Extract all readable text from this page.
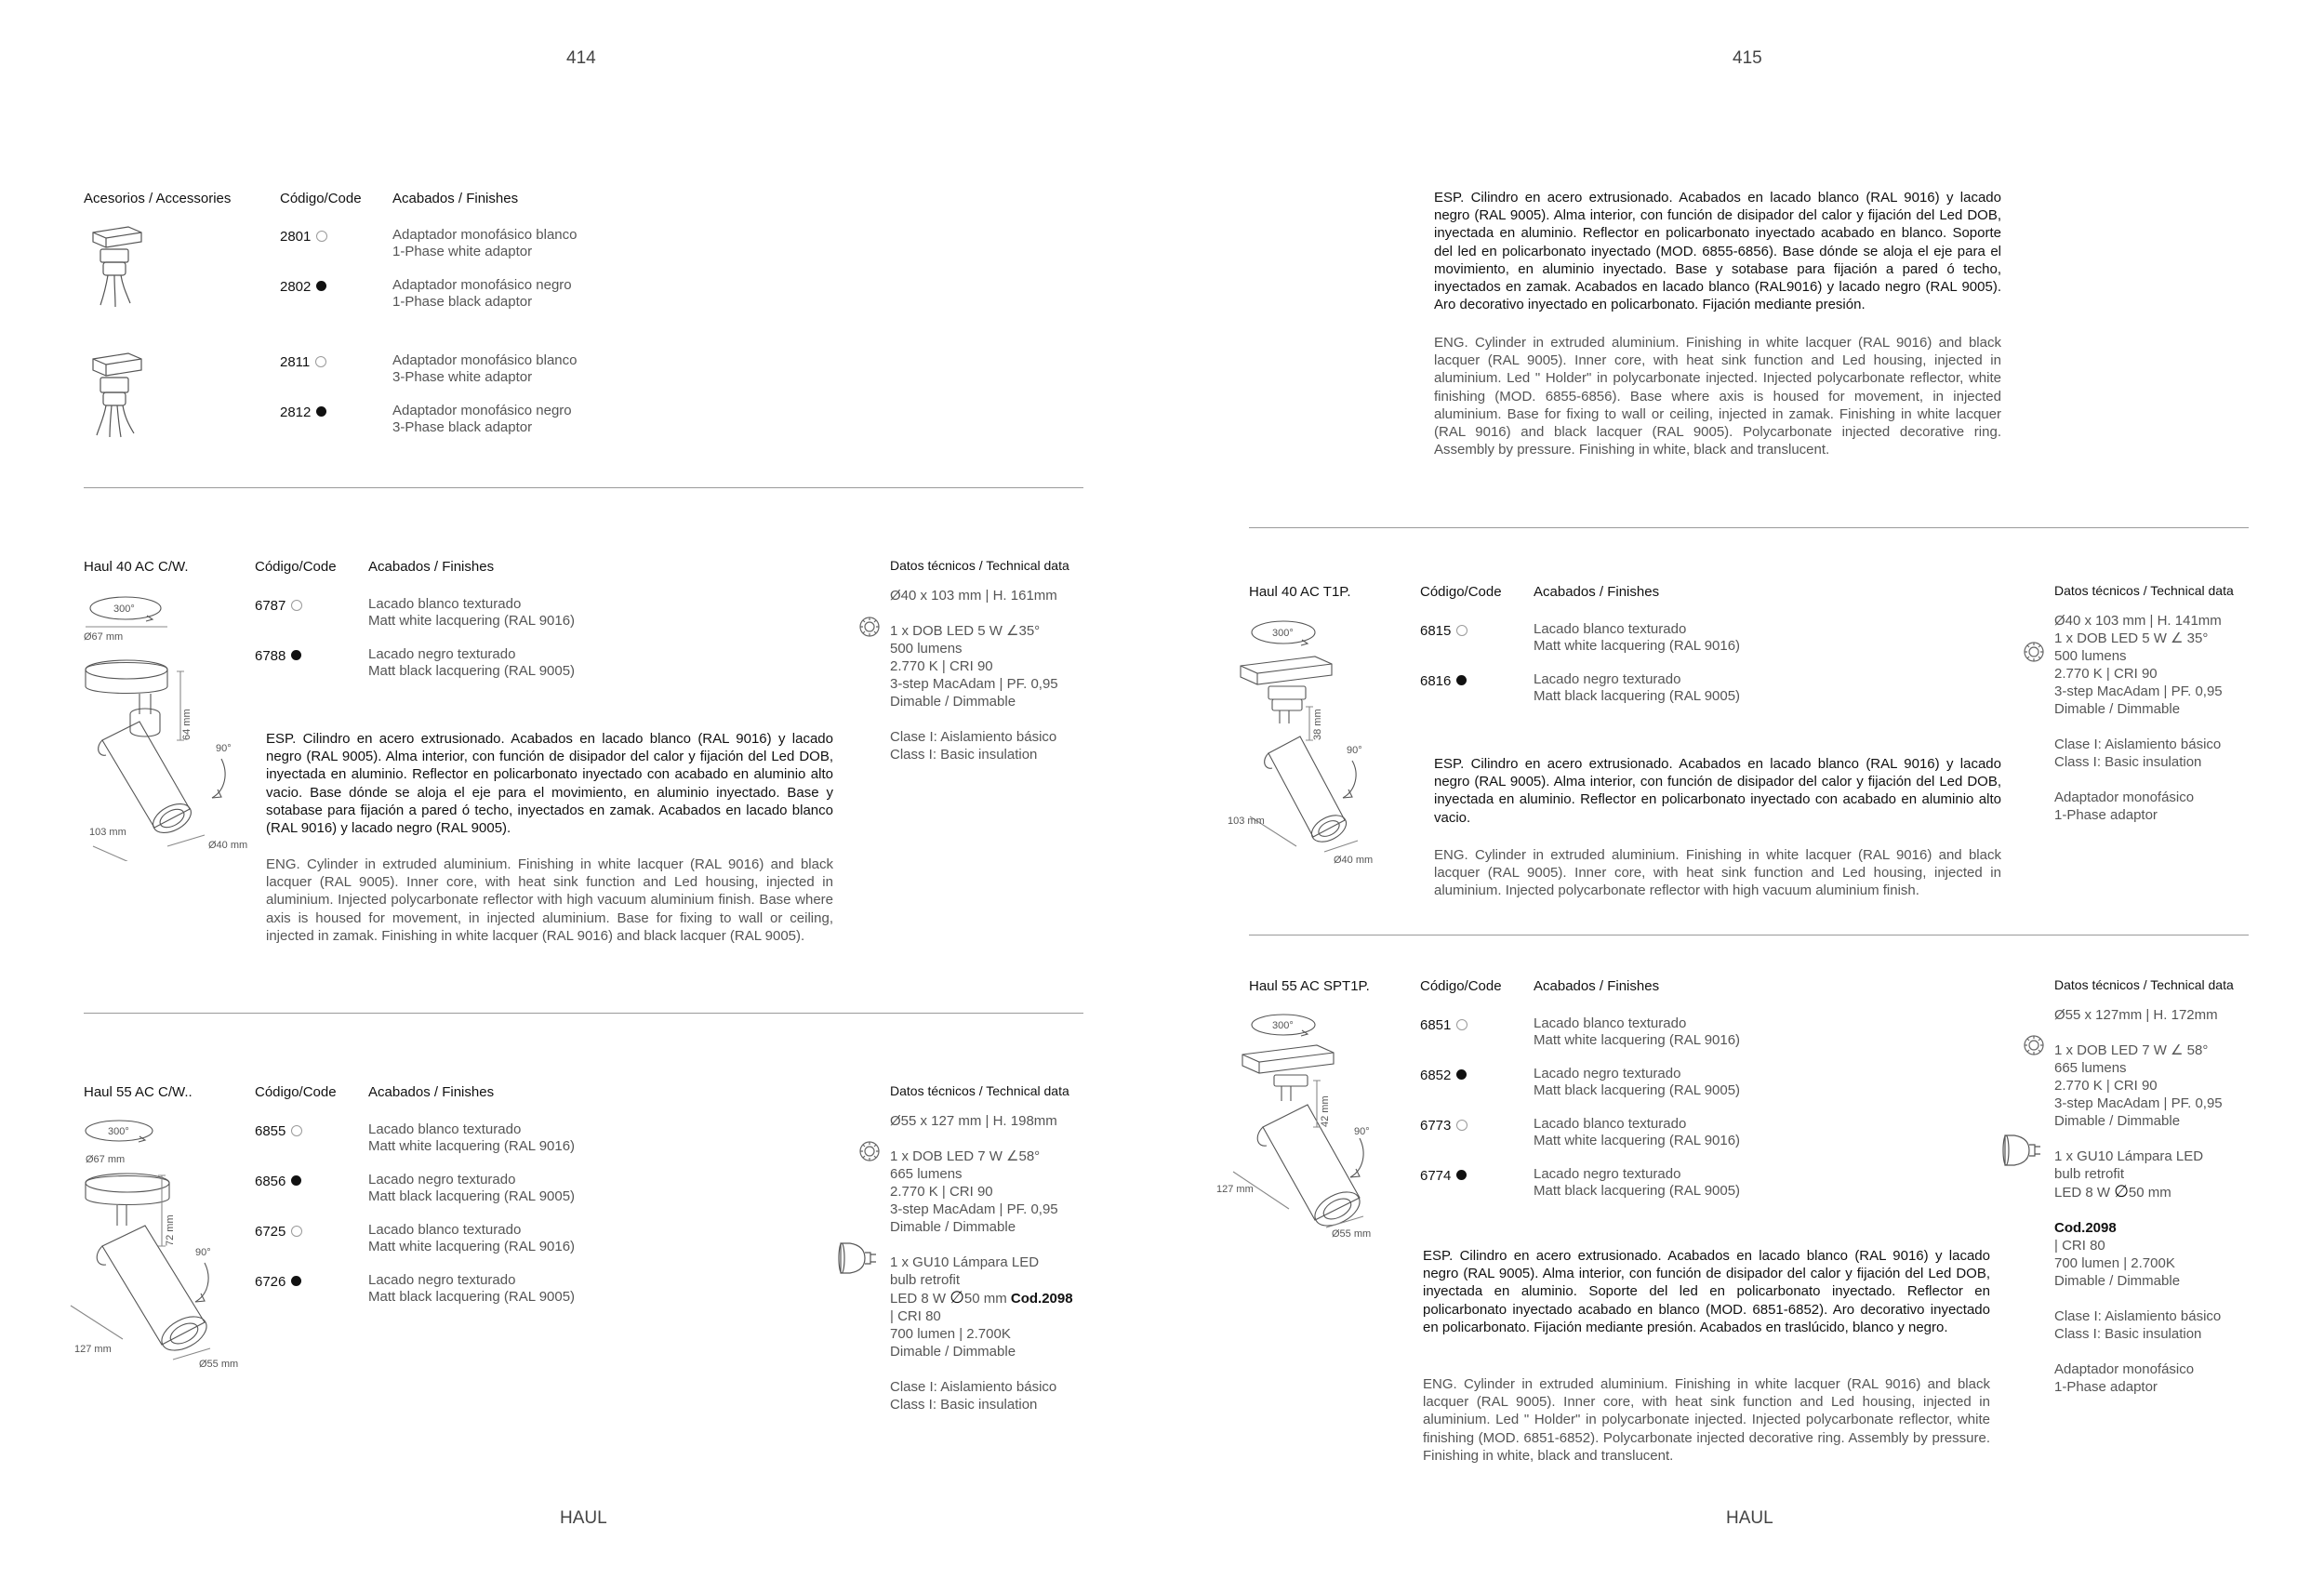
414	415
HAUL	HAUL
Acesorios / Accessories	Código/Code Acabados / Finishes
2801	Adaptador monofásico blanco
1-Phase white adaptor
2802	Adaptador monofásico negro
1-Phase black adaptor
2811	Adaptador monofásico blanco
3-Phase white adaptor
2812	Adaptador monofásico negro
3-Phase black adaptor
Haul 40 AC C/W.	Código/Code Acabados / Finishes	Datos técnicos / Technical data
6787	Lacado blanco texturado
Matt white lacquering (RAL 9016)
6788	Lacado negro texturado
Matt black lacquering (RAL 9005)
300°
Ø67 mm
64 mm
90°
103 mm
Ø40 mm
ESP. Cilindro en acero extrusionado. Acabados en lacado blanco (RAL 9016) y lacado negro (RAL 9005). Alma interior, con función de disipador del calor y fijación del Led DOB, inyectada en aluminio. Reflector en policarbonato inyectado con acabado en aluminio alto vacio. Base dónde se aloja el eje para el movimiento, en aluminio inyectado. Base y sotabase para fijación a pared ó techo, inyectados en zamak. Acabados en lacado blanco (RAL 9016) y lacado negro (RAL 9005).
ENG. Cylinder in extruded aluminium. Finishing in white lacquer (RAL 9016) and black lacquer (RAL 9005). Inner core, with heat sink function and Led housing, injected in aluminium. Injected polycarbonate reflector with high vacuum aluminium finish. Base where axis is housed for movement, in injected aluminium. Base for fixing to wall or ceiling, injected in zamak. Finishing in white lacquer (RAL 9016) and black lacquer (RAL 9005).
Ø40 x 103 mm | H. 161mm
1 x DOB LED 5 W ∠35°
500 lumens
2.770 K | CRI 90
3-step MacAdam | PF. 0,95
Dimable / Dimmable
Clase I: Aislamiento básico
Class I: Basic insulation
Haul 55 AC C/W..	Código/Code Acabados / Finishes	Datos técnicos / Technical data
6855	Lacado blanco texturado
Matt white lacquering (RAL 9016)
6856	Lacado negro texturado
Matt black lacquering (RAL 9005)
6725	Lacado blanco texturado
Matt white lacquering (RAL 9016)
6726	Lacado negro texturado
Matt black lacquering (RAL 9005)
300°
Ø67 mm
72 mm
90°
127 mm
Ø55 mm
Ø55 x 127 mm | H. 198mm
1 x DOB LED 7 W ∠58°
665 lumens
2.770 K | CRI 90
3-step MacAdam | PF. 0,95
Dimable / Dimmable
1 x GU10 Lámpara LED
bulb retrofit
LED 8 W ∅50 mm Cod.2098
| CRI 80
700 lumen | 2.700K
Dimable / Dimmable
Clase I: Aislamiento básico
Class I: Basic insulation
ESP. Cilindro en acero extrusionado. Acabados en lacado blanco (RAL 9016) y lacado negro (RAL 9005). Alma interior, con función de disipador del calor y fijación del Led DOB, inyectada en aluminio. Reflector en policarbonato inyectado acabado en blanco. Soporte del led en policarbonato inyectado (MOD. 6855-6856). Base dónde se aloja el eje para el movimiento, en aluminio inyectado. Base y sotabase para fijación a pared ó techo, inyectados en zamak. Acabados en lacado blanco (RAL9016) y lacado negro (RAL 9005). Aro decorativo inyectado en policarbonato. Fijación mediante presión.
ENG. Cylinder in extruded aluminium. Finishing in white lacquer (RAL 9016) and black lacquer (RAL 9005). Inner core, with heat sink function and Led housing, injected in aluminium. Led " Holder" in polycarbonate injected. Injected polycarbonate reflector, white finishing (MOD. 6855-6856). Base where axis is housed for movement, in injected aluminium. Base for fixing to wall or ceiling, injected in zamak. Finishing in white lacquer (RAL 9016) and black lacquer (RAL 9005). Polycarbonate injected decorative ring. Assembly by pressure. Finishing in white, black and translucent.
Haul 40 AC T1P.	Código/Code Acabados / Finishes	Datos técnicos / Technical data
6815	Lacado blanco texturado
Matt white lacquering (RAL 9016)
6816	Lacado negro texturado
Matt black lacquering (RAL 9005)
300°
38 mm
90°
103 mm
Ø40 mm
ESP. Cilindro en acero extrusionado. Acabados en lacado blanco (RAL 9016) y lacado negro (RAL 9005). Alma interior, con función de disipador del calor y fijación del Led DOB, inyectada en aluminio. Reflector en policarbonato inyectado con acabado en aluminio alto vacio.
ENG. Cylinder in extruded aluminium. Finishing in white lacquer (RAL 9016) and black lacquer (RAL 9005). Inner core, with heat sink function and Led housing, injected in aluminium. Injected polycarbonate reflector with high vacuum aluminium finish.
Ø40 x 103 mm | H. 141mm
1 x DOB LED 5 W ∠ 35°
500 lumens
2.770 K | CRI 90
3-step MacAdam | PF. 0,95
Dimable / Dimmable
Clase I: Aislamiento básico
Class I: Basic insulation
Adaptador monofásico
1-Phase adaptor
Haul 55 AC SPT1P.	Código/Code Acabados / Finishes	Datos técnicos / Technical data
6851	Lacado blanco texturado
Matt white lacquering (RAL 9016)
6852	Lacado negro texturado
Matt black lacquering (RAL 9005)
6773	Lacado blanco texturado
Matt white lacquering (RAL 9016)
6774	Lacado negro texturado
Matt black lacquering (RAL 9005)
300°
42 mm
90°
127 mm
Ø55 mm
ESP. Cilindro en acero extrusionado. Acabados en lacado blanco (RAL 9016) y lacado negro (RAL 9005). Alma interior, con función de disipador del calor y fijación del Led DOB, inyectada en aluminio. Soporte del led en policarbonato inyectado. Reflector en policarbonato inyectado acabado en blanco (MOD. 6851-6852). Aro decorativo inyectado en policarbonato. Fijación mediante presión. Acabados en traslúcido, blanco y negro.
ENG. Cylinder in extruded aluminium. Finishing in white lacquer (RAL 9016) and black lacquer (RAL 9005). Inner core, with heat sink function and Led housing, injected in aluminium. Led " Holder" in polycarbonate injected. Injected polycarbonate reflector, white finishing (MOD. 6851-6852). Polycarbonate injected decorative ring. Assembly by pressure. Finishing in white, black and translucent.
Ø55 x 127mm | H. 172mm
1 x DOB LED 7 W ∠ 58°
665 lumens
2.770 K | CRI 90
3-step MacAdam | PF. 0,95
Dimable / Dimmable
1 x GU10 Lámpara LED
bulb retrofit
LED 8 W ∅50 mm
Cod.2098
| CRI 80
700 lumen | 2.700K
Dimable / Dimmable
Clase I: Aislamiento básico
Class I: Basic insulation
Adaptador monofásico
1-Phase adaptor
